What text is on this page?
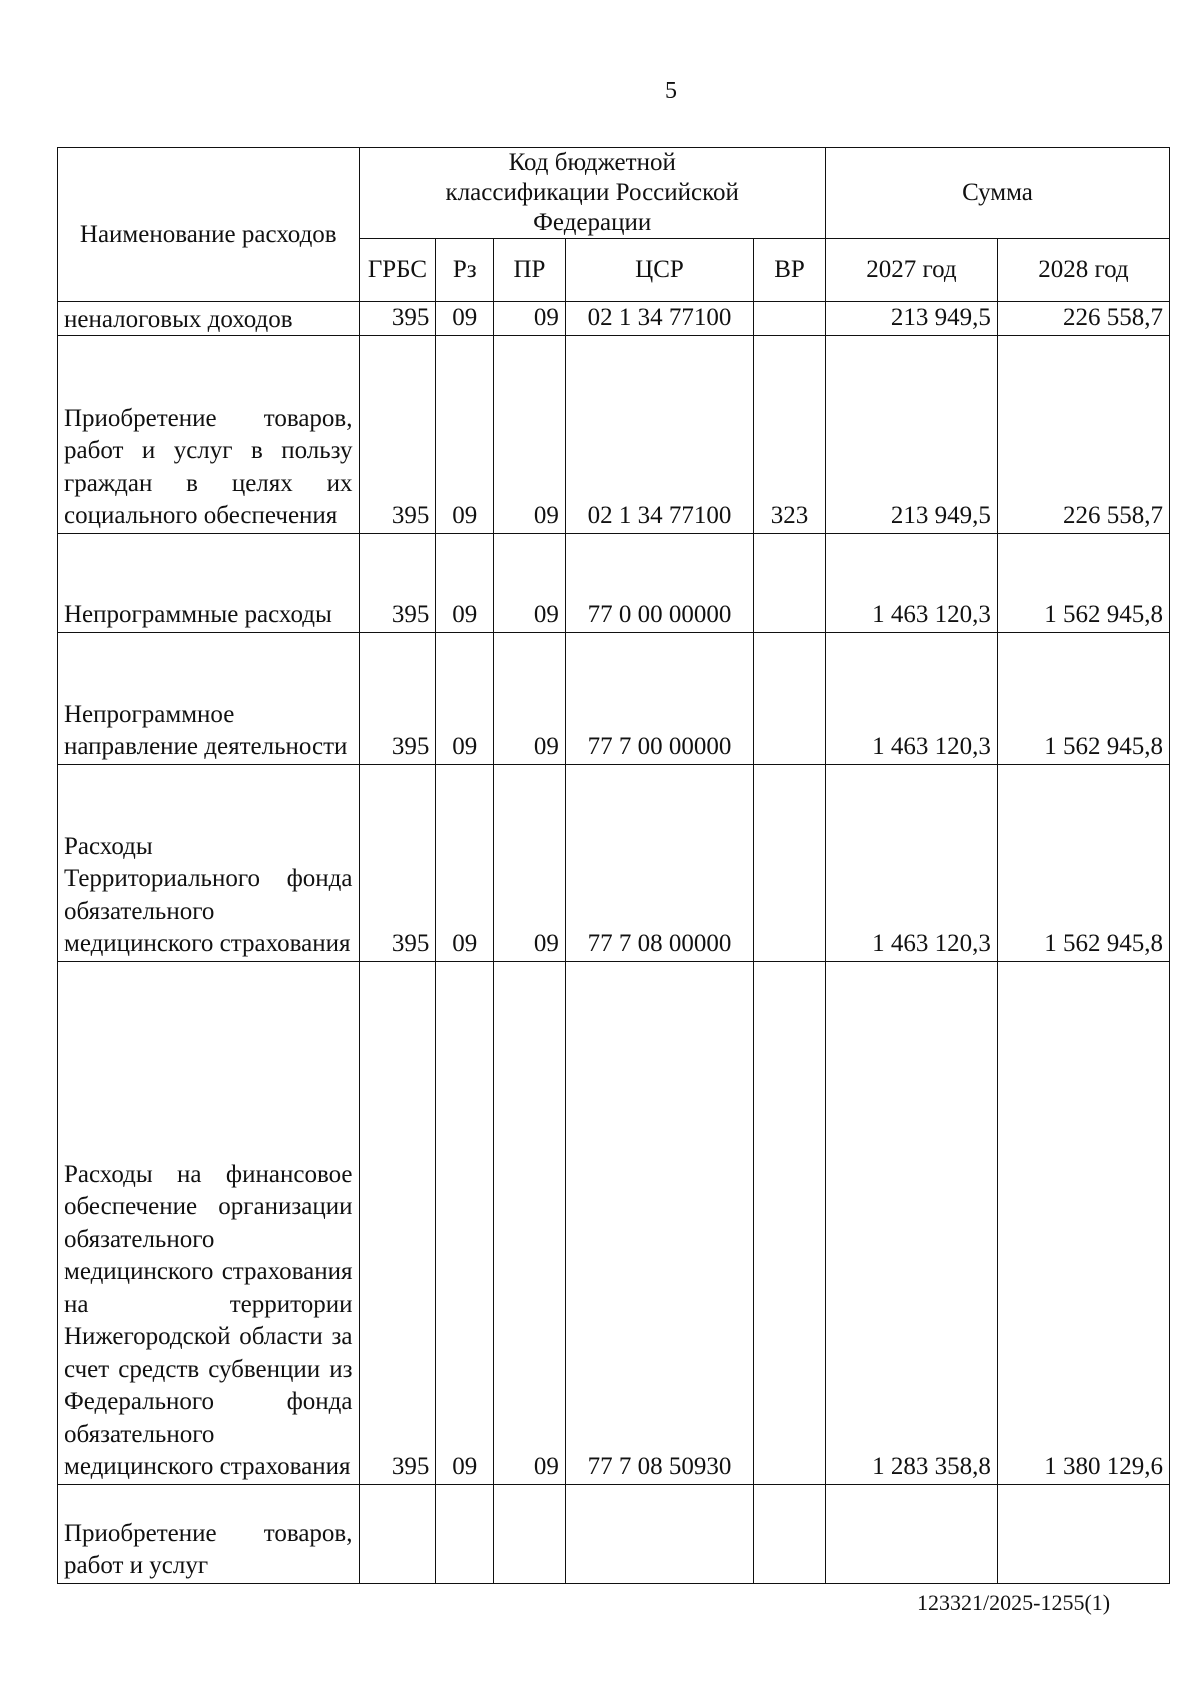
5
Наименование расходов	Код бюджетной классификации Российской Федерации					Сумма	
	ГРБС	Рз	ПР	ЦСР	ВР	2027 год	2028 год
неналоговых доходов	395	09	09	02 1 34 77100		213 949,5	226 558,7
Приобретение товаров, работ и услуг в пользу граждан в целях их социального обеспечения	395	09	09	02 1 34 77100	323	213 949,5	226 558,7
Непрограммные расходы	395	09	09	77 0 00 00000		1 463 120,3	1 562 945,8
Непрограммное направление деятельности	395	09	09	77 7 00 00000		1 463 120,3	1 562 945,8
Расходы Территориального фонда обязательного медицинского страхования	395	09	09	77 7 08 00000		1 463 120,3	1 562 945,8
Расходы на финансовое обеспечение организации обязательного медицинского страхования на территории Нижегородской области за счет средств субвенции из Федерального фонда обязательного медицинского страхования	395	09	09	77 7 08 50930		1 283 358,8	1 380 129,6
Приобретение товаров, работ и услуг							
123321/2025-1255(1)
